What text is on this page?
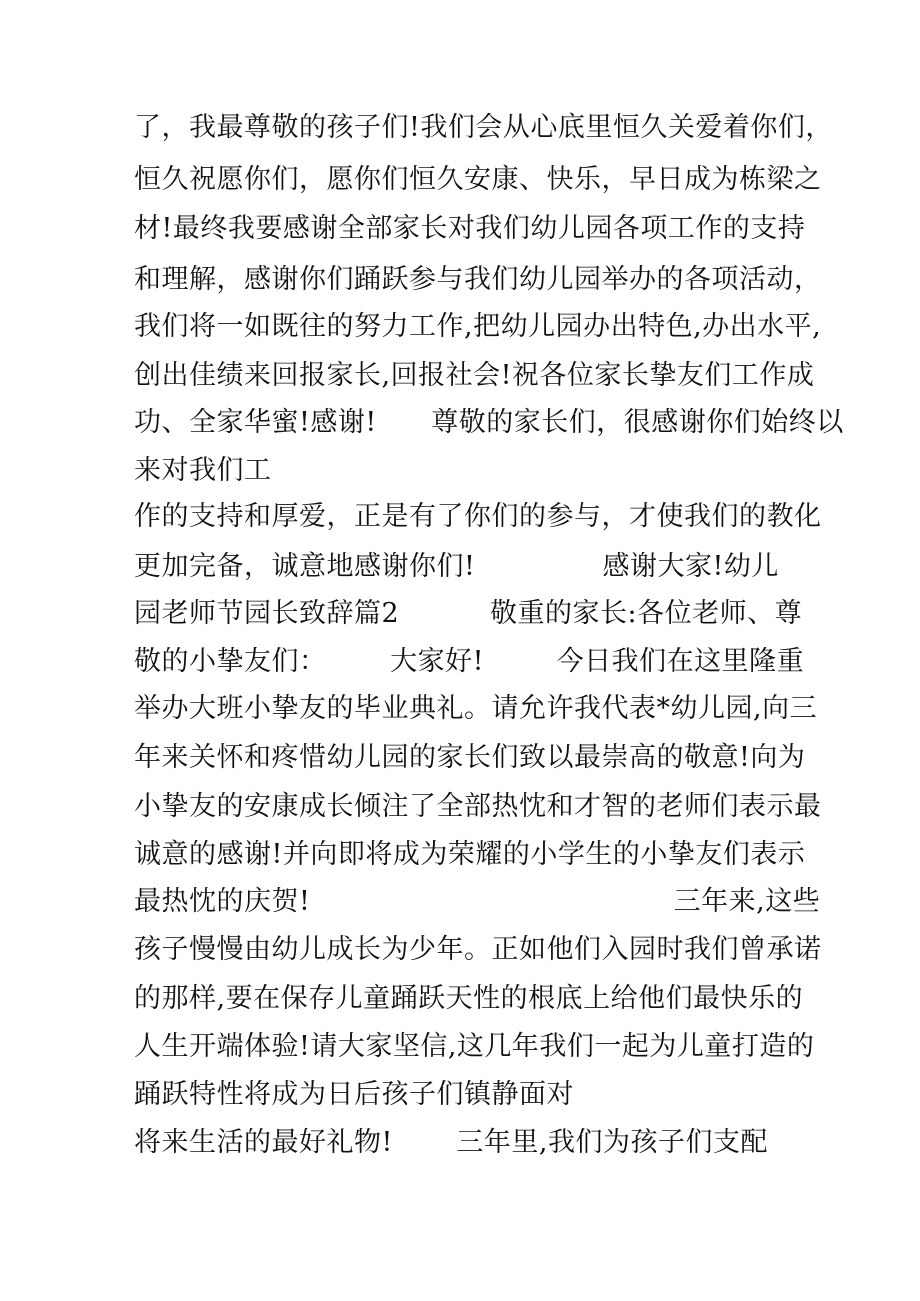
了，我最尊敬的孩子们!我们会从心底里恒久关爱着你们，
恒久祝愿你们，愿你们恒久安康、快乐，早日成为栋梁之
材!最终我要感谢全部家长对我们幼儿园各项工作的支持
和理解，感谢你们踊跃参与我们幼儿园举办的各项活动，
我们将一如既往的努力工作,把幼儿园办出特色,办出水平,
创出佳绩来回报家长,回报社会!祝各位家长挚友们工作成
功、全家华蜜!感谢!      尊敬的家长们，很感谢你们始终以
来对我们工
作的支持和厚爱，正是有了你们的参与，才使我们的教化
更加完备，诚意地感谢你们!              感谢大家!幼儿
园老师节园长致辞篇2          敬重的家长:各位老师、尊
敬的小挚友们：       大家好!        今日我们在这里隆重
举办大班小挚友的毕业典礼。请允许我代表*幼儿园,向三
年来关怀和疼惜幼儿园的家长们致以最崇高的敬意!向为
小挚友的安康成长倾注了全部热忱和才智的老师们表示最
诚意的感谢!并向即将成为荣耀的小学生的小挚友们表示
最热忱的庆贺!                                        三年来,这些
孩子慢慢由幼儿成长为少年。正如他们入园时我们曾承诺
的那样,要在保存儿童踊跃天性的根底上给他们最快乐的
人生开端体验!请大家坚信,这几年我们一起为儿童打造的
踊跃特性将成为日后孩子们镇静面对
将来生活的最好礼物!       三年里,我们为孩子们支配
